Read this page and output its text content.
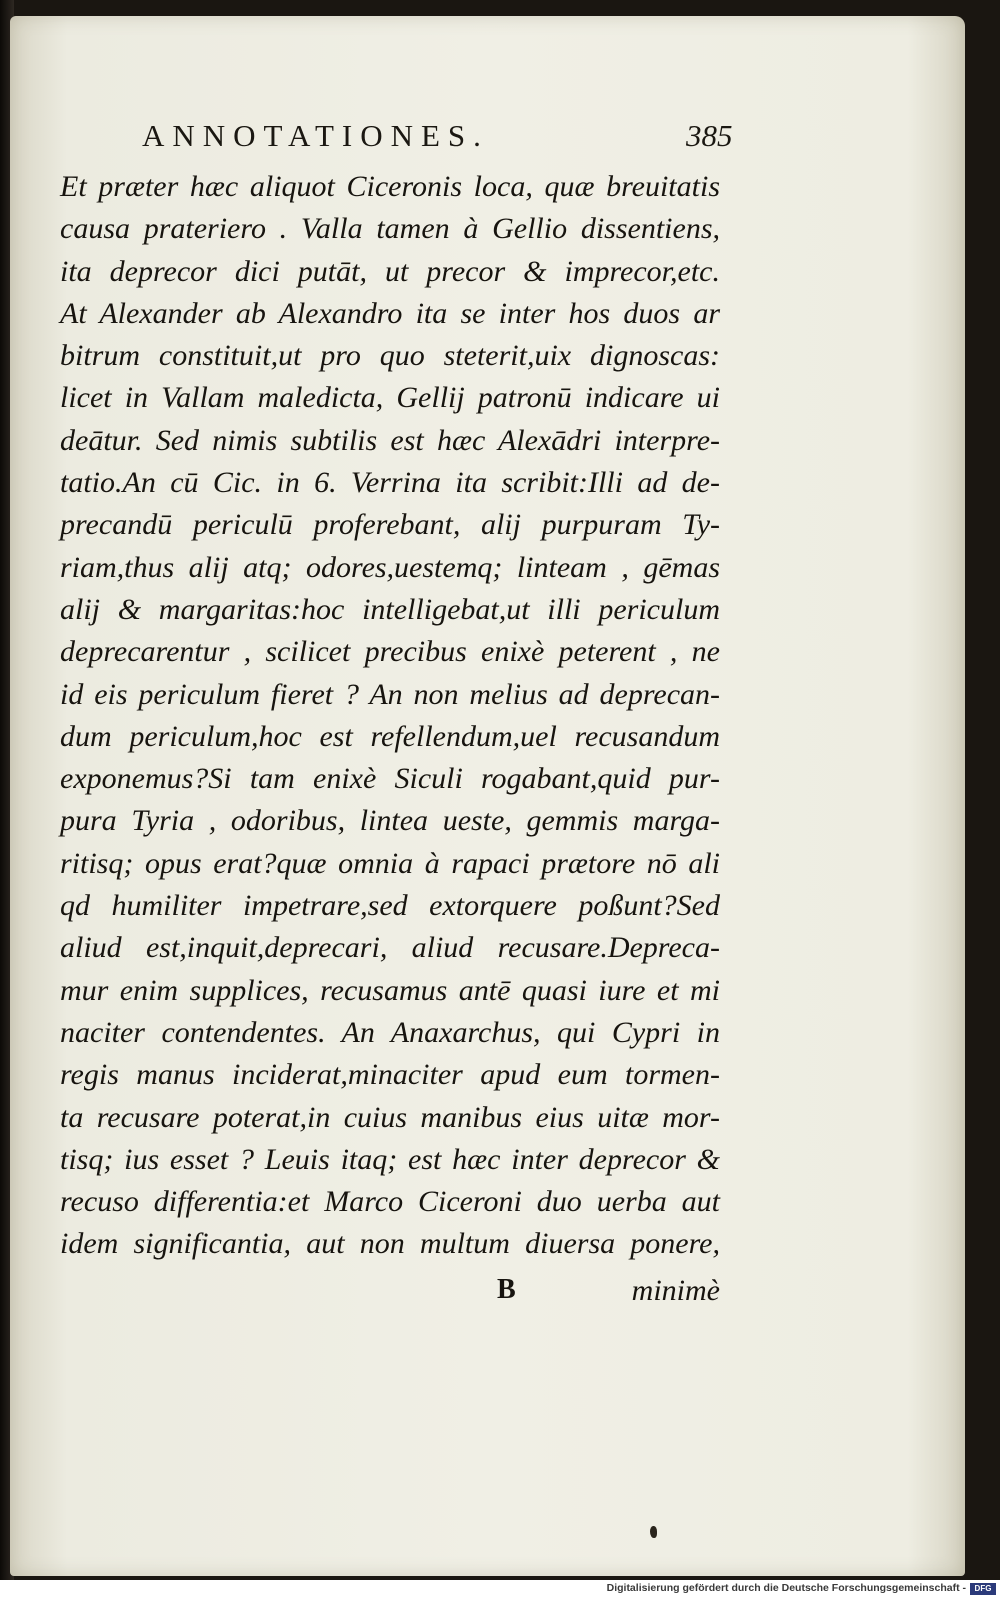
ANNOTATIONES.	385
Et præter hæc aliquot Ciceronis loca, quæ breuitatis
causa prateriero . Valla tamen à Gellio dissentiens,
ita deprecor dici putāt, ut precor & imprecor,etc.
At Alexander ab Alexandro ita se inter hos duos ar
bitrum constituit,ut pro quo steterit,uix dignoscas:
licet in Vallam maledicta, Gellij patronū indicare ui
deātur. Sed nimis subtilis est hæc Alexādri interpre-
tatio.An cū Cic. in 6. Verrina ita scribit:Illi ad de-
precandū periculū proferebant, alij purpuram Ty-
riam,thus alij atq; odores,uestemq; linteam , gēmas
alij & margaritas:hoc intelligebat,ut illi periculum
deprecarentur , scilicet precibus enixè peterent , ne
id eis periculum fieret ? An non melius ad deprecan-
dum periculum,hoc est refellendum,uel recusandum
exponemus?Si tam enixè Siculi rogabant,quid pur-
pura Tyria , odoribus, lintea ueste, gemmis marga-
ritisq; opus erat?quæ omnia à rapaci prætore nō ali
qd humiliter impetrare,sed extorquere poßunt?Sed
aliud est,inquit,deprecari, aliud recusare.Depreca-
mur enim supplices, recusamus antē quasi iure et mi
naciter contendentes. An Anaxarchus, qui Cypri in
regis manus inciderat,minaciter apud eum tormen-
ta recusare poterat,in cuius manibus eius uitæ mor-
tisq; ius esset ? Leuis itaq; est hæc inter deprecor &
recuso differentia:et Marco Ciceroni duo uerba aut
idem significantia, aut non multum diuersa ponere,
B	minimè
Digitalisierung gefördert durch die Deutsche Forschungsgemeinschaft -	DFG
